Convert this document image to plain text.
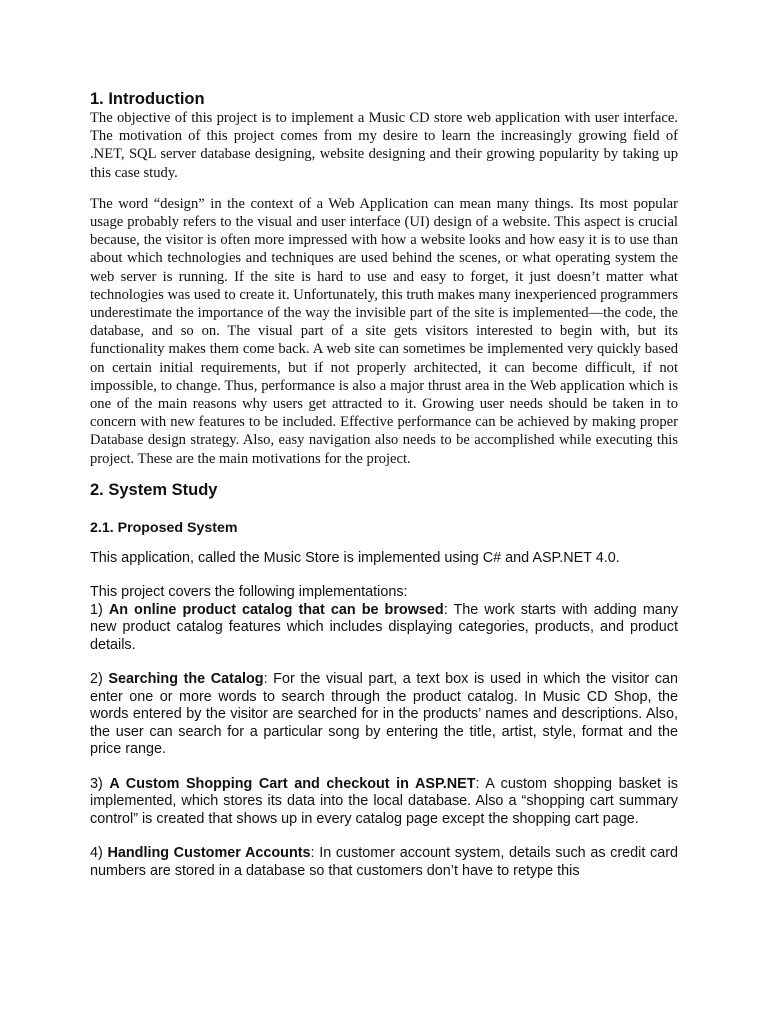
1. Introduction

The objective of this project is to implement a Music CD store web application with user interface. The motivation of this project comes from my desire to learn the increasingly growing field of .NET, SQL server database designing, website designing and their growing popularity by taking up this case study.

The word “design” in the context of a Web Application can mean many things. Its most popular usage probably refers to the visual and user interface (UI) design of a website. This aspect is crucial because, the visitor is often more impressed with how a website looks and how easy it is to use than about which technologies and techniques are used behind the scenes, or what operating system the web server is running. If the site is hard to use and easy to forget, it just doesn’t matter what technologies was used to create it. Unfortunately, this truth makes many inexperienced programmers underestimate the importance of the way the invisible part of the site is implemented—the code, the database, and so on. The visual part of a site gets visitors interested to begin with, but its functionality makes them come back. A web site can sometimes be implemented very quickly based on certain initial requirements, but if not properly architected, it can become difficult, if not impossible, to change. Thus, performance is also a major thrust area in the Web application which is one of the main reasons why users get attracted to it. Growing user needs should be taken in to concern with new features to be included. Effective performance can be achieved by making proper Database design strategy. Also, easy navigation also needs to be accomplished while executing this project. These are the main motivations for the project.

2. System Study
2.1. Proposed System

This application, called the Music Store is implemented using C# and ASP.NET 4.0.

This project covers the following implementations:

1) An online product catalog that can be browsed: The work starts with adding many new product catalog features which includes displaying categories, products, and product details.

2) Searching the Catalog: For the visual part, a text box is used in which the visitor can enter one or more words to search through the product catalog. In Music CD Shop, the words entered by the visitor are searched for in the products’ names and descriptions. Also, the user can search for a particular song by entering the title, artist, style, format and the price range.

3) A Custom Shopping Cart and checkout in ASP.NET: A custom shopping basket is implemented, which stores its data into the local database. Also a “shopping cart summary control” is created that shows up in every catalog page except the shopping cart page.

4) Handling Customer Accounts: In customer account system, details such as credit card numbers are stored in a database so that customers don’t have to retype this
